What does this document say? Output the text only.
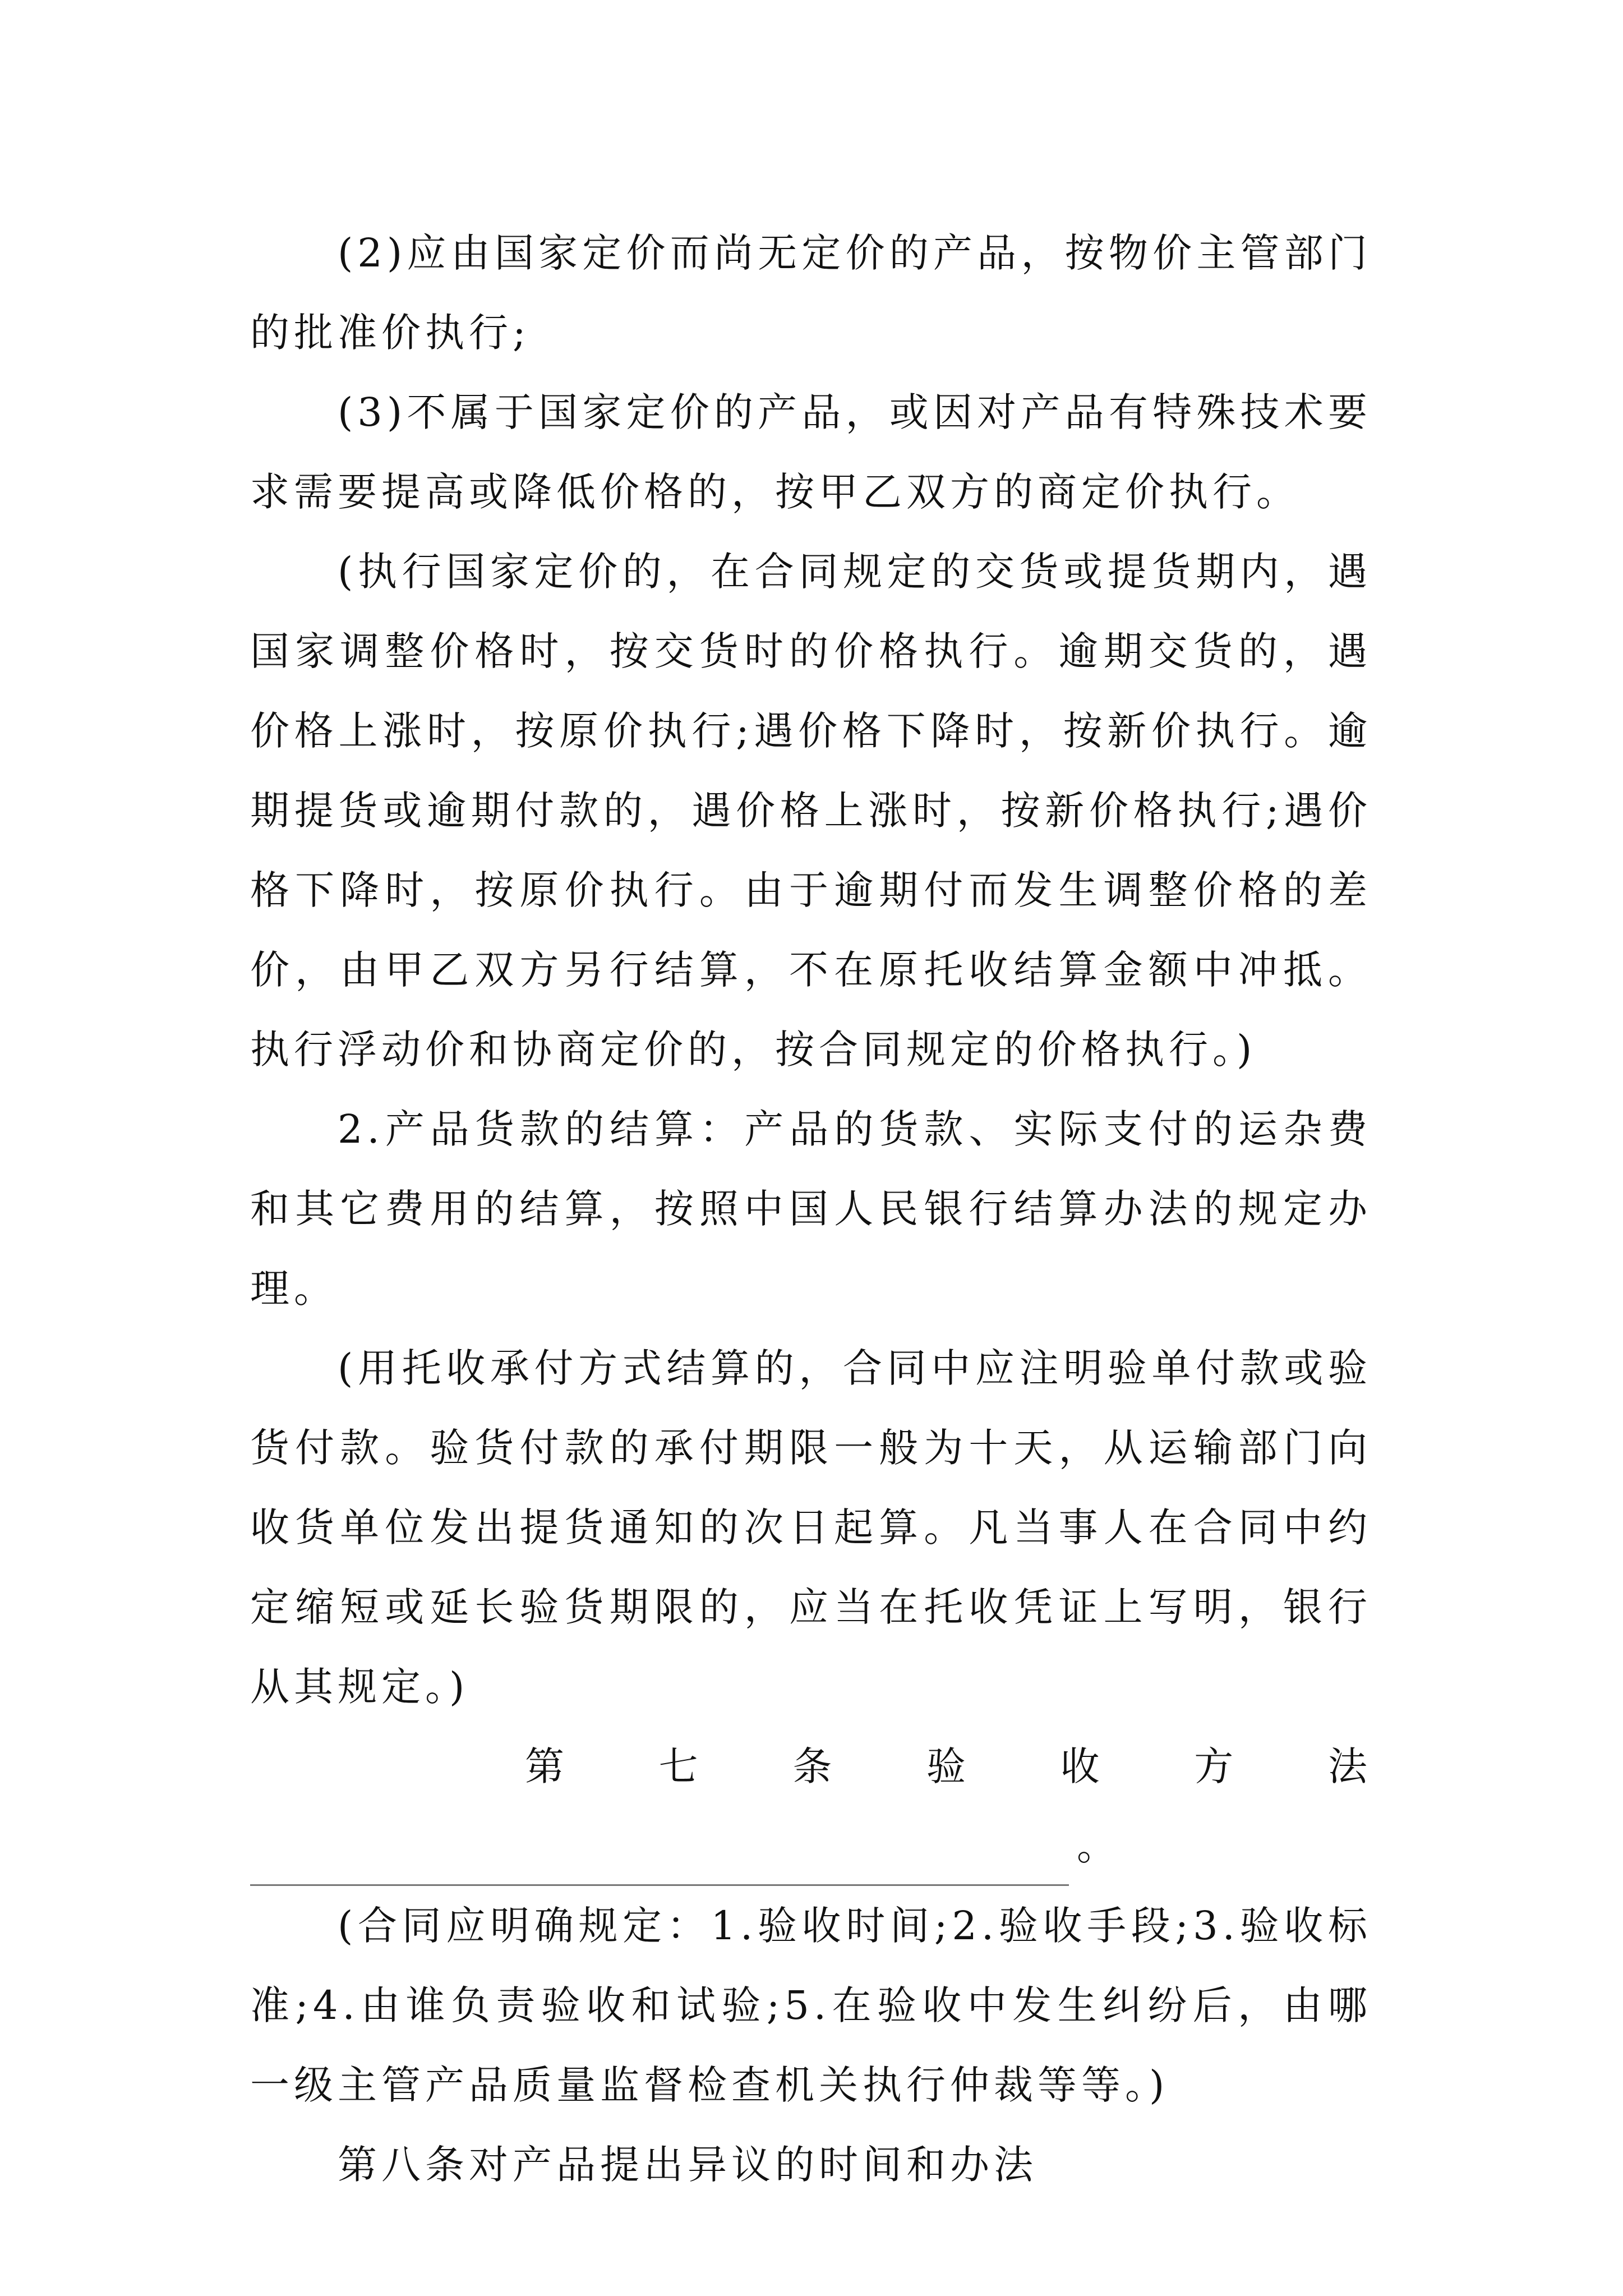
(2)应由国家定价而尚无定价的产品，按物价主管部门的批准价执行;

(3)不属于国家定价的产品，或因对产品有特殊技术要求需要提高或降低价格的，按甲乙双方的商定价执行。

(执行国家定价的，在合同规定的交货或提货期内，遇国家调整价格时，按交货时的价格执行。逾期交货的，遇价格上涨时，按原价执行;遇价格下降时，按新价执行。逾期提货或逾期付款的，遇价格上涨时，按新价格执行;遇价格下降时，按原价执行。由于逾期付而发生调整价格的差价，由甲乙双方另行结算，不在原托收结算金额中冲抵。执行浮动价和协商定价的，按合同规定的价格执行。)

2.产品货款的结算：产品的货款、实际支付的运杂费和其它费用的结算，按照中国人民银行结算办法的规定办理。

(用托收承付方式结算的，合同中应注明验单付款或验货付款。验货付款的承付期限一般为十天，从运输部门向收货单位发出提货通知的次日起算。凡当事人在合同中约定缩短或延长验货期限的，应当在托收凭证上写明，银行从其规定。)

第 七 条 验 收 方 法
。

(合同应明确规定：1.验收时间;2.验收手段;3.验收标准;4.由谁负责验收和试验;5.在验收中发生纠纷后，由哪一级主管产品质量监督检查机关执行仲裁等等。)

第八条对产品提出异议的时间和办法
